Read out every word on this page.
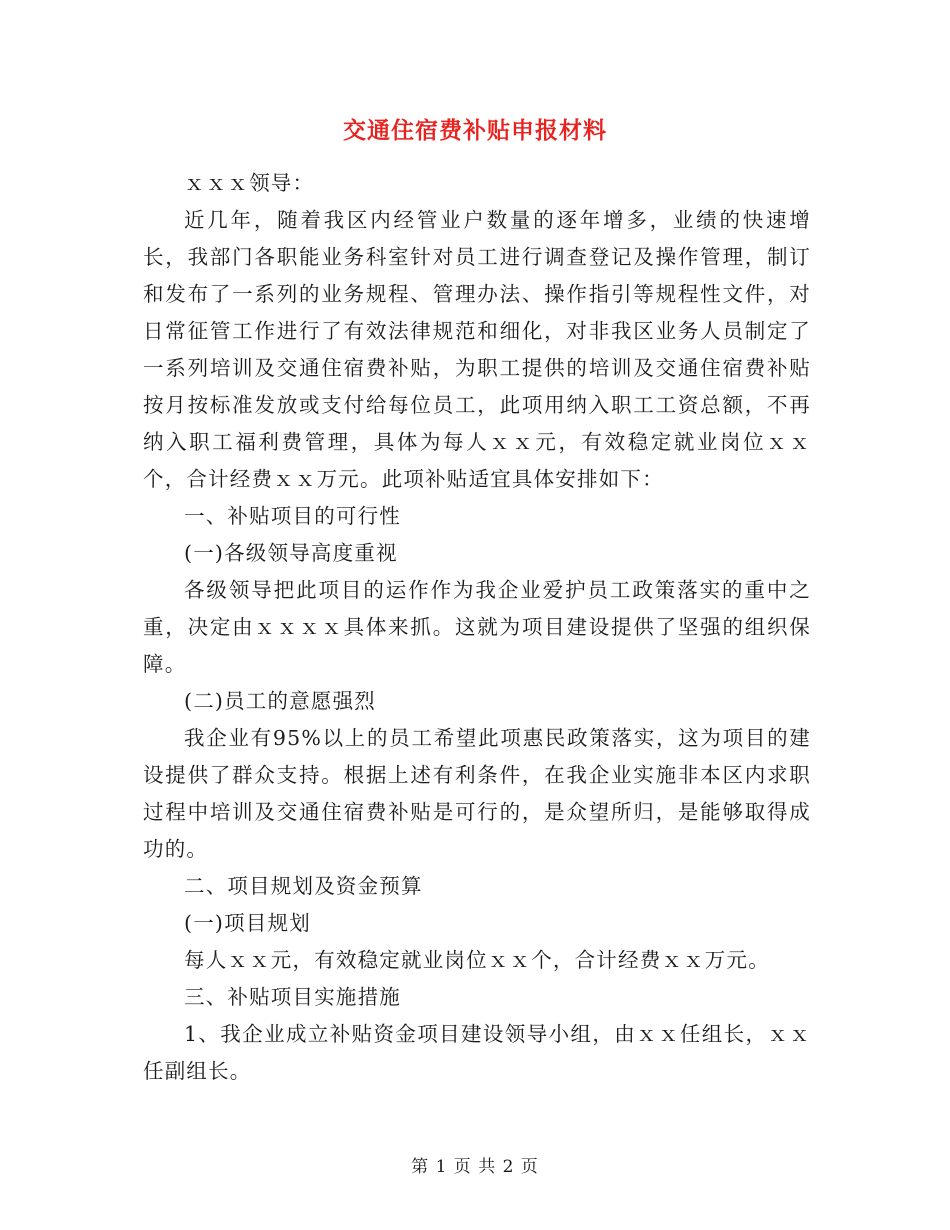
交通住宿费补贴申报材料

ｘｘｘ领导：

近几年，随着我区内经管业户数量的逐年增多，业绩的快速增长，我部门各职能业务科室针对员工进行调查登记及操作管理，制订和发布了一系列的业务规程、管理办法、操作指引等规程性文件，对日常征管工作进行了有效法律规范和细化，对非我区业务人员制定了一系列培训及交通住宿费补贴，为职工提供的培训及交通住宿费补贴按月按标准发放或支付给每位员工，此项用纳入职工工资总额，不再纳入职工福利费管理，具体为每人ｘｘ元，有效稳定就业岗位ｘｘ个，合计经费ｘｘ万元。此项补贴适宜具体安排如下：

一、补贴项目的可行性

(一)各级领导高度重视

各级领导把此项目的运作作为我企业爱护员工政策落实的重中之重，决定由ｘｘｘｘ具体来抓。这就为项目建设提供了坚强的组织保障。

(二)员工的意愿强烈

我企业有95%以上的员工希望此项惠民政策落实，这为项目的建设提供了群众支持。根据上述有利条件，在我企业实施非本区内求职过程中培训及交通住宿费补贴是可行的，是众望所归，是能够取得成功的。

二、项目规划及资金预算

(一)项目规划

每人ｘｘ元，有效稳定就业岗位ｘｘ个，合计经费ｘｘ万元。

三、补贴项目实施措施

1、我企业成立补贴资金项目建设领导小组，由ｘｘ任组长，ｘｘ任副组长。

第 1 页 共 2 页
